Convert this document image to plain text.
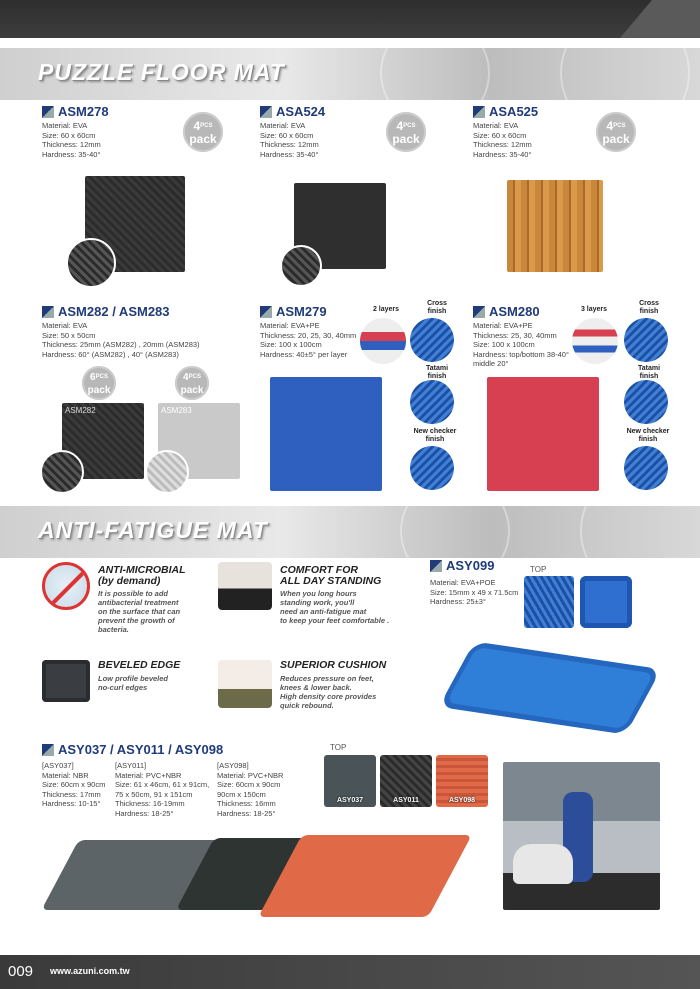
PUZZLE FLOOR MAT
ASM278
Material: EVA
Size: 60 x 60cm
Thickness: 12mm
Hardness: 35-40°
$4^{PCS}$
pack
ASA524
Material: EVA
Size: 60 x 60cm
Thickness: 12mm
Hardness: 35-40°
$4^{PCS}$
pack
ASA525
Material: EVA
Size: 60 x 60cm
Thickness: 12mm
Hardness: 35-40°
$4^{PCS}$
pack
ASM282 / ASM283
Material: EVA
Size: 50 x 50cm
Thickness: 25mm (ASM282) , 20mm (ASM283)
Hardness: 60° (ASM282) , 40° (ASM283)
$6^{PCS}$
pack
$4^{PCS}$
pack
ASM282	ASM283
ASM279
Material: EVA+PE
Thickness: 20, 25, 30, 40mm
Size: 100 x 100cm
Hardness: 40±5° per layer
2 layers
Cross
finish
Tatami
finish
New checker
finish
ASM280
Material: EVA+PE
Thickness: 25, 30, 40mm
Size: 100 x 100cm
Hardness: top/bottom 38-40°
middle 20°
3 layers
Cross
finish
Tatami
finish
New checker
finish
ANTI-FATIGUE MAT
ANTI-MICROBIAL
(by demand)
It is possible to add
antibacterial treatment
on the surface that can
prevent the growth of
bacteria.
COMFORT FOR
ALL DAY STANDING
When you long hours
standing work, you'll
need an anti-fatigue mat
to keep your feet comfortable .
BEVELED EDGE
Low profile beveled
no-curl edges
SUPERIOR CUSHION
Reduces pressure on feet,
knees & lower back.
High density core provides
quick rebound.
ASY099
Material: EVA+POE
Size: 15mm x 49 x 71.5cm
Hardness: 25±3°
TOP
ASY037 / ASY011 / ASY098
[ASY037]
Material: NBR
Size: 60cm x 90cm
Thickness: 17mm
Hardness: 10-15°
[ASY011]
Material: PVC+NBR
Size: 61 x 46cm, 61 x 91cm,
75 x 50cm, 91 x 151cm
Thickness: 16-19mm
Hardness: 18-25°
[ASY098]
Material: PVC+NBR
Size: 60cm x 90cm
90cm x 150cm
Thickness: 16mm
Hardness: 18-25°
TOP
ASY037	ASY011	ASY098
009 www.azuni.com.tw
